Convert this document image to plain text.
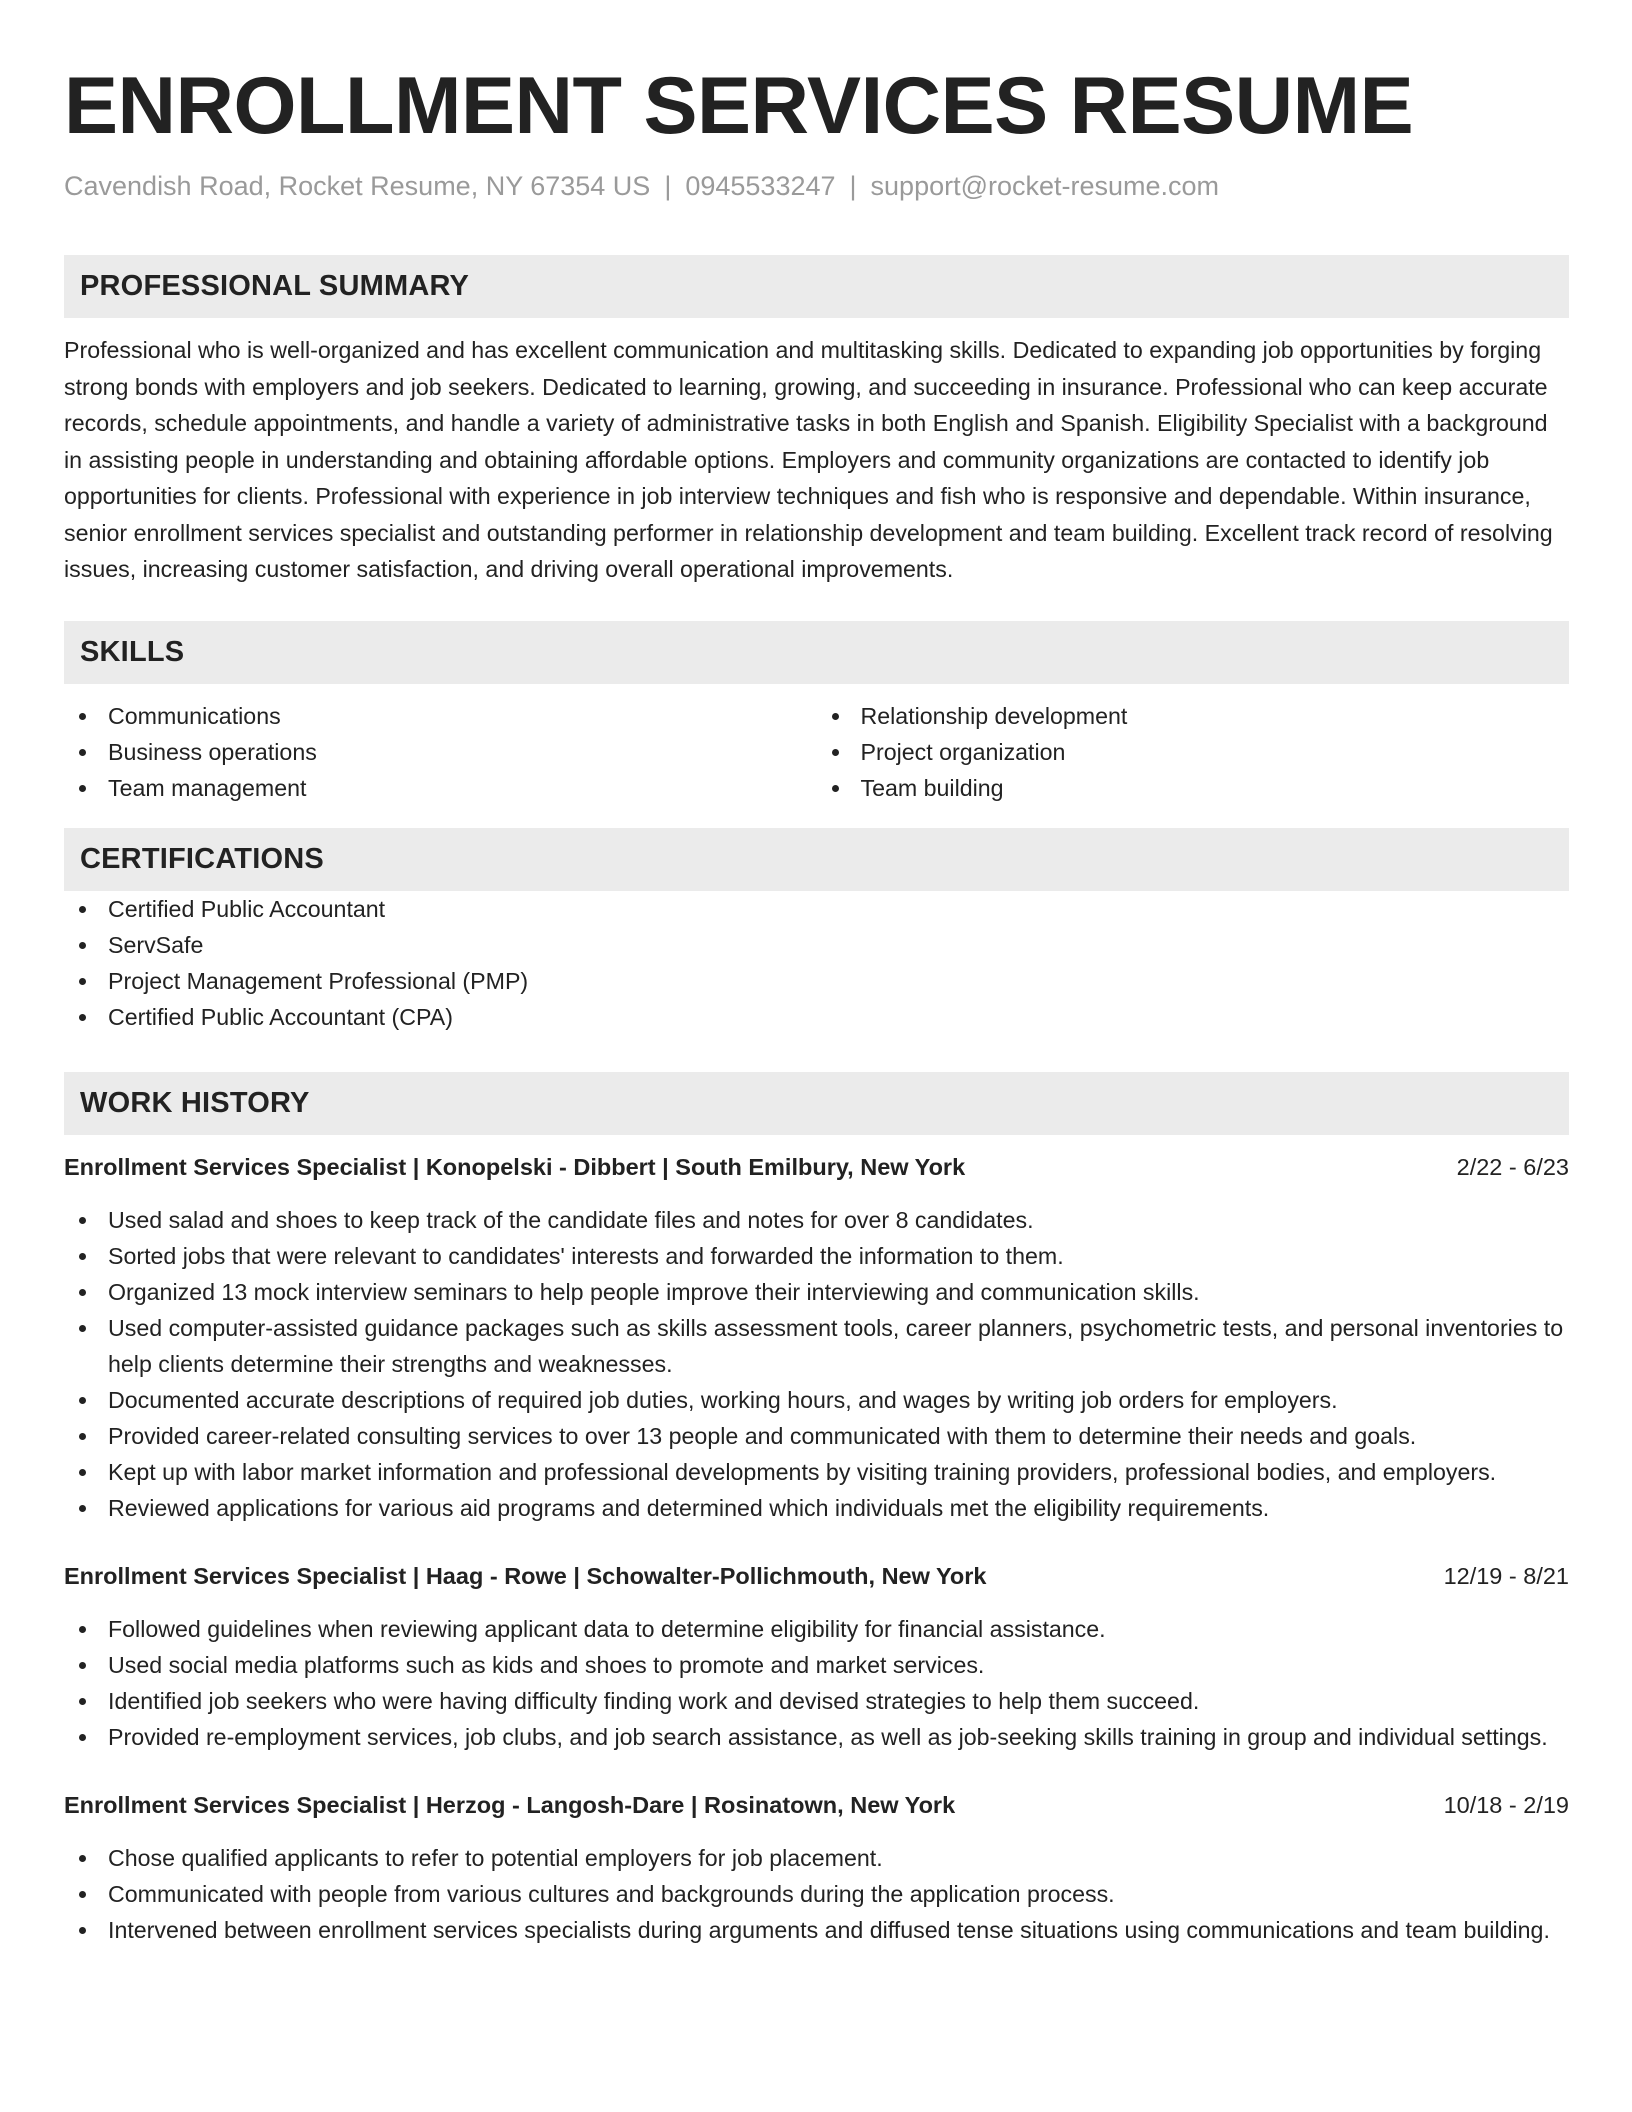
ENROLLMENT SERVICES RESUME
Cavendish Road, Rocket Resume, NY 67354 US | 0945533247 | support@rocket-resume.com
PROFESSIONAL SUMMARY
Professional who is well-organized and has excellent communication and multitasking skills. Dedicated to expanding job opportunities by forging strong bonds with employers and job seekers. Dedicated to learning, growing, and succeeding in insurance. Professional who can keep accurate records, schedule appointments, and handle a variety of administrative tasks in both English and Spanish. Eligibility Specialist with a background in assisting people in understanding and obtaining affordable options. Employers and community organizations are contacted to identify job opportunities for clients. Professional with experience in job interview techniques and fish who is responsive and dependable. Within insurance, senior enrollment services specialist and outstanding performer in relationship development and team building. Excellent track record of resolving issues, increasing customer satisfaction, and driving overall operational improvements.
SKILLS
Communications
Business operations
Team management
Relationship development
Project organization
Team building
CERTIFICATIONS
Certified Public Accountant
ServSafe
Project Management Professional (PMP)
Certified Public Accountant (CPA)
WORK HISTORY
Enrollment Services Specialist | Konopelski - Dibbert | South Emilbury, New York	2/22 - 6/23
Used salad and shoes to keep track of the candidate files and notes for over 8 candidates.
Sorted jobs that were relevant to candidates' interests and forwarded the information to them.
Organized 13 mock interview seminars to help people improve their interviewing and communication skills.
Used computer-assisted guidance packages such as skills assessment tools, career planners, psychometric tests, and personal inventories to help clients determine their strengths and weaknesses.
Documented accurate descriptions of required job duties, working hours, and wages by writing job orders for employers.
Provided career-related consulting services to over 13 people and communicated with them to determine their needs and goals.
Kept up with labor market information and professional developments by visiting training providers, professional bodies, and employers.
Reviewed applications for various aid programs and determined which individuals met the eligibility requirements.
Enrollment Services Specialist | Haag - Rowe | Schowalter-Pollichmouth, New York	12/19 - 8/21
Followed guidelines when reviewing applicant data to determine eligibility for financial assistance.
Used social media platforms such as kids and shoes to promote and market services.
Identified job seekers who were having difficulty finding work and devised strategies to help them succeed.
Provided re-employment services, job clubs, and job search assistance, as well as job-seeking skills training in group and individual settings.
Enrollment Services Specialist | Herzog - Langosh-Dare | Rosinatown, New York	10/18 - 2/19
Chose qualified applicants to refer to potential employers for job placement.
Communicated with people from various cultures and backgrounds during the application process.
Intervened between enrollment services specialists during arguments and diffused tense situations using communications and team building.
